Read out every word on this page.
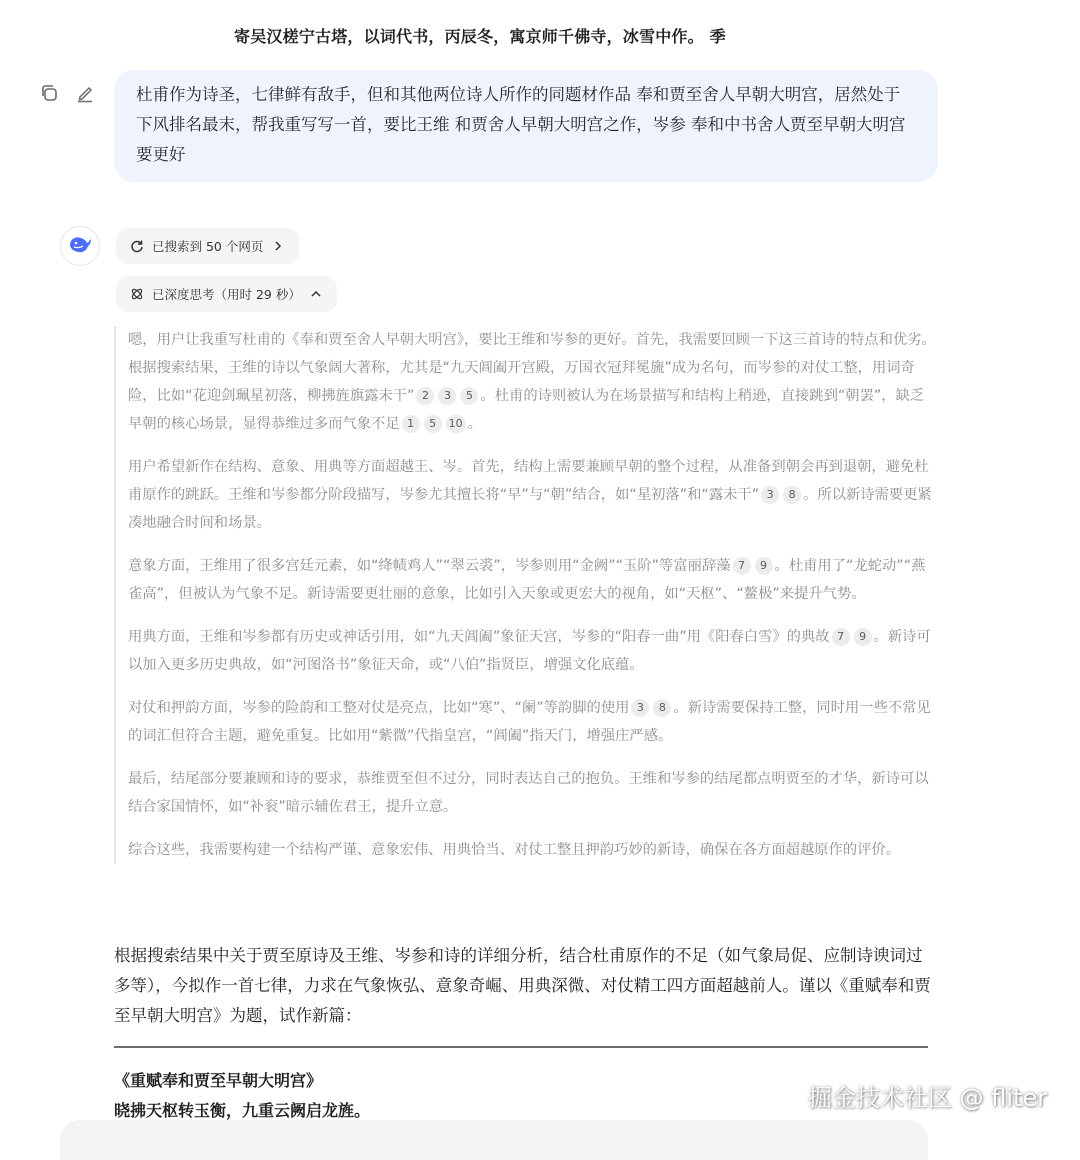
寄吴汉槎宁古塔，以词代书，丙辰冬，寓京师千佛寺，冰雪中作。 季
杜甫作为诗圣，七律鲜有敌手，但和其他两位诗人所作的同题材作品 奉和贾至舍人早朝大明宫，居然处于下风排名最末，帮我重写写一首，要比王维 和贾舍人早朝大明宫之作，岑参 奉和中书舍人贾至早朝大明宫 要更好
已搜索到 50 个网页
已深度思考（用时 29 秒）

嗯，用户让我重写杜甫的《奉和贾至舍人早朝大明宫》，要比王维和岑参的更好。首先，我需要回顾一下这三首诗的特点和优劣。根据搜索结果，王维的诗以气象阔大著称，尤其是“九天阊阖开宫殿，万国衣冠拜冕旒”成为名句，而岑参的对仗工整，用词奇险，比如“花迎剑珮星初落，柳拂旌旗露未干” 2 3 5 。杜甫的诗则被认为在场景描写和结构上稍逊，直接跳到“朝罢”，缺乏早朝的核心场景，显得恭维过多而气象不足 1 5 10 。

用户希望新作在结构、意象、用典等方面超越王、岑。首先，结构上需要兼顾早朝的整个过程，从准备到朝会再到退朝，避免杜甫原作的跳跃。王维和岑参都分阶段描写，岑参尤其擅长将“早”与“朝”结合，如“星初落”和“露未干” 3 8 。所以新诗需要更紧凑地融合时间和场景。

意象方面，王维用了很多宫廷元素，如“绛帻鸡人”“翠云裘”，岑参则用“金阙”“玉阶”等富丽辞藻 7 9 。杜甫用了“龙蛇动”“燕雀高”，但被认为气象不足。新诗需要更壮丽的意象，比如引入天象或更宏大的视角，如“天枢”、“鳌极”来提升气势。

用典方面，王维和岑参都有历史或神话引用，如“九天阊阖”象征天宫，岑参的“阳春一曲”用《阳春白雪》的典故 7 9 。新诗可以加入更多历史典故，如“河图洛书”象征天命，或“八伯”指贤臣，增强文化底蕴。

对仗和押韵方面，岑参的险韵和工整对仗是亮点，比如“寒”、“阑”等韵脚的使用 3 8 。新诗需要保持工整，同时用一些不常见的词汇但符合主题，避免重复。比如用“紫微”代指皇宫，“阊阖”指天门，增强庄严感。

最后，结尾部分要兼顾和诗的要求，恭维贾至但不过分，同时表达自己的抱负。王维和岑参的结尾都点明贾至的才华，新诗可以结合家国情怀，如“补衮”暗示辅佐君王，提升立意。

综合这些，我需要构建一个结构严谨、意象宏伟、用典恰当、对仗工整且押韵巧妙的新诗，确保在各方面超越原作的评价。

根据搜索结果中关于贾至原诗及王维、岑参和诗的详细分析，结合杜甫原作的不足（如气象局促、应制诗谀词过多等），今拟作一首七律，力求在气象恢弘、意象奇崛、用典深微、对仗精工四方面超越前人。谨以《重赋奉和贾至早朝大明宫》为题，试作新篇：
《重赋奉和贾至早朝大明宫》
晓拂天枢转玉衡，九重云阙启龙旌。	掘金技术社区 @ fliter
